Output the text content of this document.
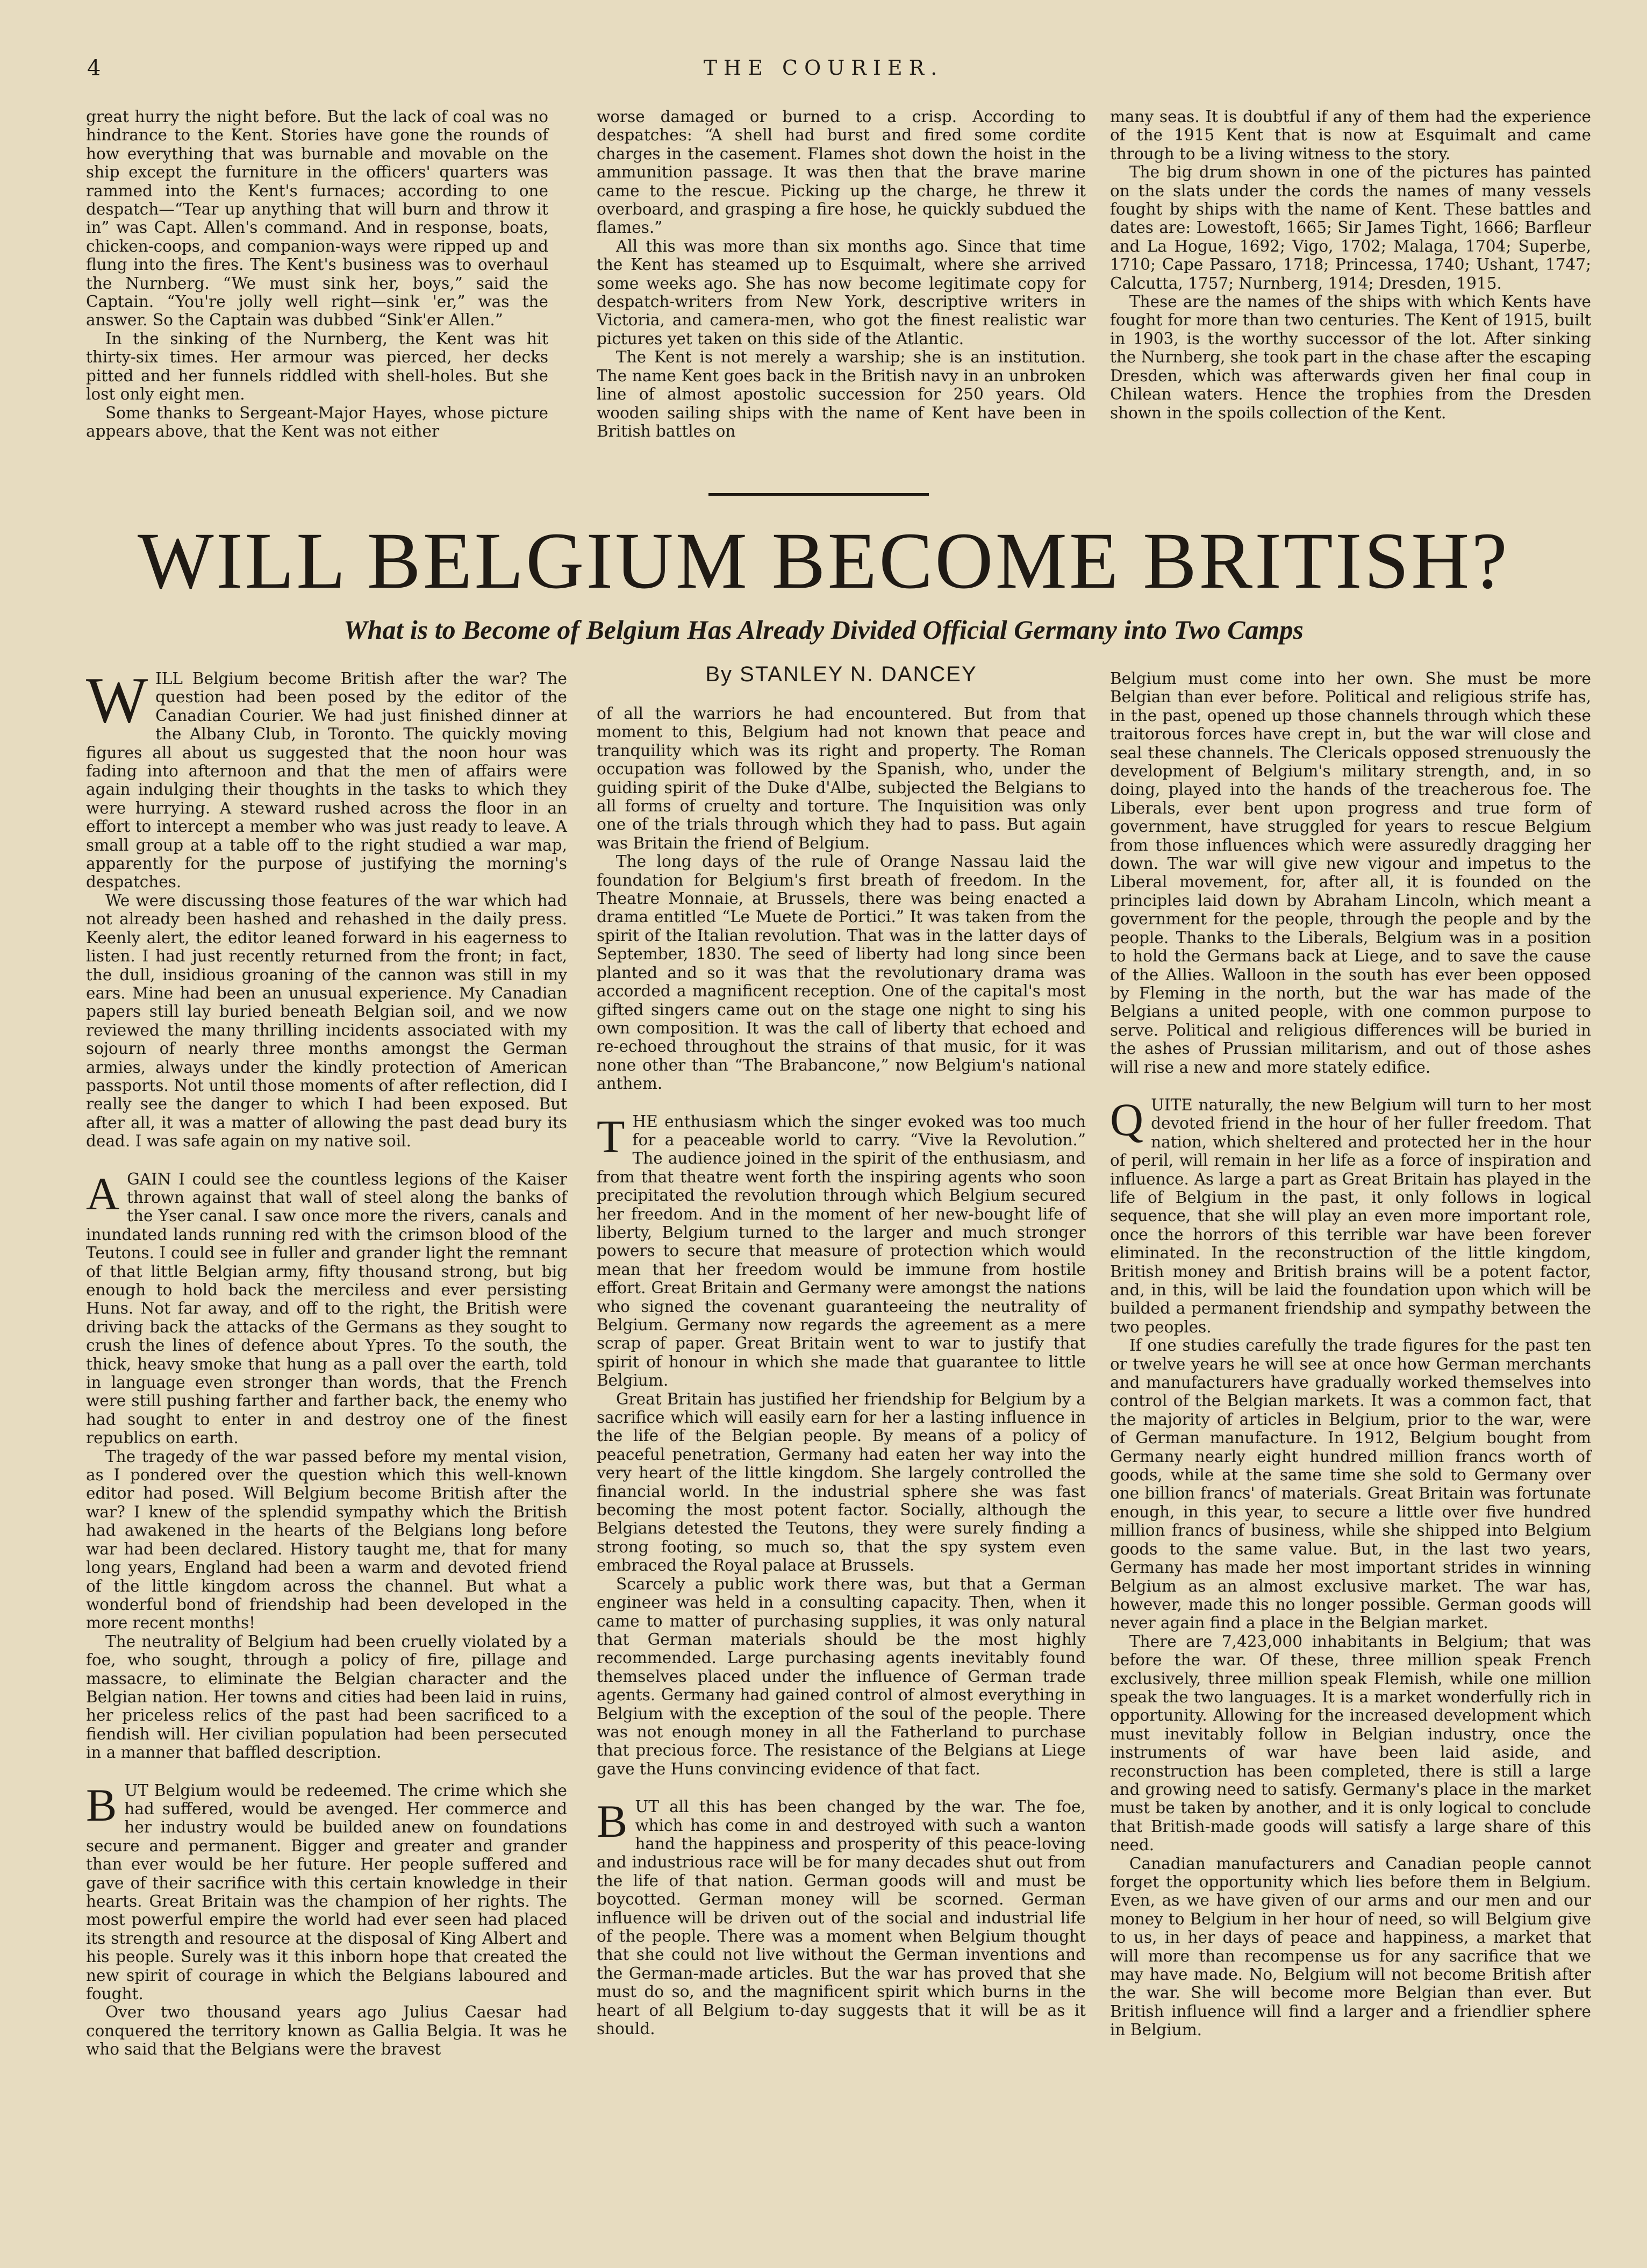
4	THE COURIER.

great hurry the night before. But the lack of coal was no hindrance to the Kent. Stories have gone the rounds of how everything that was burnable and movable on the ship except the furniture in the officers' quarters was rammed into the Kent's furnaces; according to one despatch—“Tear up anything that will burn and throw it in” was Capt. Allen's command. And in response, boats, chicken-coops, and companion-ways were ripped up and flung into the fires. The Kent's business was to overhaul the Nurnberg. “We must sink her, boys,” said the Captain. “You're jolly well right—sink 'er,” was the answer. So the Captain was dubbed “Sink'er Allen.”

In the sinking of the Nurnberg, the Kent was hit thirty-six times. Her armour was pierced, her decks pitted and her funnels riddled with shell-holes. But she lost only eight men.

Some thanks to Sergeant-Major Hayes, whose picture appears above, that the Kent was not either

worse damaged or burned to a crisp. According to despatches: “A shell had burst and fired some cordite charges in the casement. Flames shot down the hoist in the ammunition passage. It was then that the brave marine came to the rescue. Picking up the charge, he threw it overboard, and grasping a fire hose, he quickly subdued the flames.”

All this was more than six months ago. Since that time the Kent has steamed up to Esquimalt, where she arrived some weeks ago. She has now become legitimate copy for despatch-writers from New York, descriptive writers in Victoria, and camera-men, who got the finest realistic war pictures yet taken on this side of the Atlantic.

The Kent is not merely a warship; she is an institution. The name Kent goes back in the British navy in an unbroken line of almost apostolic succession for 250 years. Old wooden sailing ships with the name of Kent have been in British battles on

many seas. It is doubtful if any of them had the experience of the 1915 Kent that is now at Esquimalt and came through to be a living witness to the story.

The big drum shown in one of the pictures has painted on the slats under the cords the names of many vessels fought by ships with the name of Kent. These battles and dates are: Lowestoft, 1665; Sir James Tight, 1666; Barfleur and La Hogue, 1692; Vigo, 1702; Malaga, 1704; Superbe, 1710; Cape Passaro, 1718; Princessa, 1740; Ushant, 1747; Calcutta, 1757; Nurnberg, 1914; Dresden, 1915.

These are the names of the ships with which Kents have fought for more than two centuries. The Kent of 1915, built in 1903, is the worthy successor of the lot. After sinking the Nurnberg, she took part in the chase after the escaping Dresden, which was afterwards given her final coup in Chilean waters. Hence the trophies from the Dresden shown in the spoils collection of the Kent.

WILL BELGIUM BECOME BRITISH?
What is to Become of Belgium Has Already Divided Official Germany into Two Camps
By STANLEY N. DANCEY

WILL Belgium become British after the war? The question had been posed by the editor of the Canadian Courier. We had just finished dinner at the Albany Club, in Toronto. The quickly moving figures all about us suggested that the noon hour was fading into afternoon and that the men of affairs were again indulging their thoughts in the tasks to which they were hurrying. A steward rushed across the floor in an effort to intercept a member who was just ready to leave. A small group at a table off to the right studied a war map, apparently for the purpose of justifying the morning's despatches.

We were discussing those features of the war which had not already been hashed and rehashed in the daily press. Keenly alert, the editor leaned forward in his eagerness to listen. I had just recently returned from the front; in fact, the dull, insidious groaning of the cannon was still in my ears. Mine had been an unusual experience. My Canadian papers still lay buried beneath Belgian soil, and we now reviewed the many thrilling incidents associated with my sojourn of nearly three months amongst the German armies, always under the kindly protection of American passports. Not until those moments of after reflection, did I really see the danger to which I had been exposed. But after all, it was a matter of allowing the past dead bury its dead. I was safe again on my native soil.

AGAIN I could see the countless legions of the Kaiser thrown against that wall of steel along the banks of the Yser canal. I saw once more the rivers, canals and inundated lands running red with the crimson blood of the Teutons. I could see in fuller and grander light the remnant of that little Belgian army, fifty thousand strong, but big enough to hold back the merciless and ever persisting Huns. Not far away, and off to the right, the British were driving back the attacks of the Germans as they sought to crush the lines of defence about Ypres. To the south, the thick, heavy smoke that hung as a pall over the earth, told in language even stronger than words, that the French were still pushing farther and farther back, the enemy who had sought to enter in and destroy one of the finest republics on earth.

The tragedy of the war passed before my mental vision, as I pondered over the question which this well-known editor had posed. Will Belgium become British after the war? I knew of the splendid sympathy which the British had awakened in the hearts of the Belgians long before war had been declared. History taught me, that for many long years, England had been a warm and devoted friend of the little kingdom across the channel. But what a wonderful bond of friendship had been developed in the more recent months!

The neutrality of Belgium had been cruelly violated by a foe, who sought, through a policy of fire, pillage and massacre, to eliminate the Belgian character and the Belgian nation. Her towns and cities had been laid in ruins, her priceless relics of the past had been sacrificed to a fiendish will. Her civilian population had been persecuted in a manner that baffled description.

BUT Belgium would be redeemed. The crime which she had suffered, would be avenged. Her commerce and her industry would be builded anew on foundations secure and permanent. Bigger and greater and grander than ever would be her future. Her people suffered and gave of their sacrifice with this certain knowledge in their hearts. Great Britain was the champion of her rights. The most powerful empire the world had ever seen had placed its strength and resource at the disposal of King Albert and his people. Surely was it this inborn hope that created the new spirit of courage in which the Belgians laboured and fought.

Over two thousand years ago Julius Caesar had conquered the territory known as Gallia Belgia. It was he who said that the Belgians were the bravest

of all the warriors he had encountered. But from that moment to this, Belgium had not known that peace and tranquility which was its right and property. The Roman occupation was followed by the Spanish, who, under the guiding spirit of the Duke d'Albe, subjected the Belgians to all forms of cruelty and torture. The Inquisition was only one of the trials through which they had to pass. But again was Britain the friend of Belgium.

The long days of the rule of Orange Nassau laid the foundation for Belgium's first breath of freedom. In the Theatre Monnaie, at Brussels, there was being enacted a drama entitled “Le Muete de Portici.” It was taken from the spirit of the Italian revolution. That was in the latter days of September, 1830. The seed of liberty had long since been planted and so it was that the revolutionary drama was accorded a magnificent reception. One of the capital's most gifted singers came out on the stage one night to sing his own composition. It was the call of liberty that echoed and re-echoed throughout the strains of that music, for it was none other than “The Brabancone,” now Belgium's national anthem.

THE enthusiasm which the singer evoked was too much for a peaceable world to carry. “Vive la Revolution.” The audience joined in the spirit of the enthusiasm, and from that theatre went forth the inspiring agents who soon precipitated the revolution through which Belgium secured her freedom. And in the moment of her new-bought life of liberty, Belgium turned to the larger and much stronger powers to secure that measure of protection which would mean that her freedom would be immune from hostile effort. Great Britain and Germany were amongst the nations who signed the covenant guaranteeing the neutrality of Belgium. Germany now regards the agreement as a mere scrap of paper. Great Britain went to war to justify that spirit of honour in which she made that guarantee to little Belgium.

Great Britain has justified her friendship for Belgium by a sacrifice which will easily earn for her a lasting influence in the life of the Belgian people. By means of a policy of peaceful penetration, Germany had eaten her way into the very heart of the little kingdom. She largely controlled the financial world. In the industrial sphere she was fast becoming the most potent factor. Socially, although the Belgians detested the Teutons, they were surely finding a strong footing, so much so, that the spy system even embraced the Royal palace at Brussels.

Scarcely a public work there was, but that a German engineer was held in a consulting capacity. Then, when it came to matter of purchasing supplies, it was only natural that German materials should be the most highly recommended. Large purchasing agents inevitably found themselves placed under the influence of German trade agents. Germany had gained control of almost everything in Belgium with the exception of the soul of the people. There was not enough money in all the Fatherland to purchase that precious force. The resistance of the Belgians at Liege gave the Huns convincing evidence of that fact.

BUT all this has been changed by the war. The foe, which has come in and destroyed with such a wanton hand the happiness and prosperity of this peace-loving and industrious race will be for many decades shut out from the life of that nation. German goods will and must be boycotted. German money will be scorned. German influence will be driven out of the social and industrial life of the people. There was a moment when Belgium thought that she could not live without the German inventions and the German-made articles. But the war has proved that she must do so, and the magnificent spirit which burns in the heart of all Belgium to-day suggests that it will be as it should.

Belgium must come into her own. She must be more Belgian than ever before. Political and religious strife has, in the past, opened up those channels through which these traitorous forces have crept in, but the war will close and seal these channels. The Clericals opposed strenuously the development of Belgium's military strength, and, in so doing, played into the hands of the treacherous foe. The Liberals, ever bent upon progress and true form of government, have struggled for years to rescue Belgium from those influences which were assuredly dragging her down. The war will give new vigour and impetus to the Liberal movement, for, after all, it is founded on the principles laid down by Abraham Lincoln, which meant a government for the people, through the people and by the people. Thanks to the Liberals, Belgium was in a position to hold the Germans back at Liege, and to save the cause of the Allies. Walloon in the south has ever been opposed by Fleming in the north, but the war has made of the Belgians a united people, with one common purpose to serve. Political and religious differences will be buried in the ashes of Prussian militarism, and out of those ashes will rise a new and more stately edifice.

QUITE naturally, the new Belgium will turn to her most devoted friend in the hour of her fuller freedom. That nation, which sheltered and protected her in the hour of peril, will remain in her life as a force of inspiration and influence. As large a part as Great Britain has played in the life of Belgium in the past, it only follows in logical sequence, that she will play an even more important role, once the horrors of this terrible war have been forever eliminated. In the reconstruction of the little kingdom, British money and British brains will be a potent factor, and, in this, will be laid the foundation upon which will be builded a permanent friendship and sympathy between the two peoples.

If one studies carefully the trade figures for the past ten or twelve years he will see at once how German merchants and manufacturers have gradually worked themselves into control of the Belgian markets. It was a common fact, that the majority of articles in Belgium, prior to the war, were of German manufacture. In 1912, Belgium bought from Germany nearly eight hundred million francs worth of goods, while at the same time she sold to Germany over one billion francs' of materials. Great Britain was fortunate enough, in this year, to secure a little over five hundred million francs of business, while she shipped into Belgium goods to the same value. But, in the last two years, Germany has made her most important strides in winning Belgium as an almost exclusive market. The war has, however, made this no longer possible. German goods will never again find a place in the Belgian market.

There are 7,423,000 inhabitants in Belgium; that was before the war. Of these, three million speak French exclusively, three million speak Flemish, while one million speak the two languages. It is a market wonderfully rich in opportunity. Allowing for the increased development which must inevitably follow in Belgian industry, once the instruments of war have been laid aside, and reconstruction has been completed, there is still a large and growing need to satisfy. Germany's place in the market must be taken by another, and it is only logical to conclude that British-made goods will satisfy a large share of this need.

Canadian manufacturers and Canadian people cannot forget the opportunity which lies before them in Belgium. Even, as we have given of our arms and our men and our money to Belgium in her hour of need, so will Belgium give to us, in her days of peace and happiness, a market that will more than recompense us for any sacrifice that we may have made. No, Belgium will not become British after the war. She will become more Belgian than ever. But British influence will find a larger and a friendlier sphere in Belgium.
